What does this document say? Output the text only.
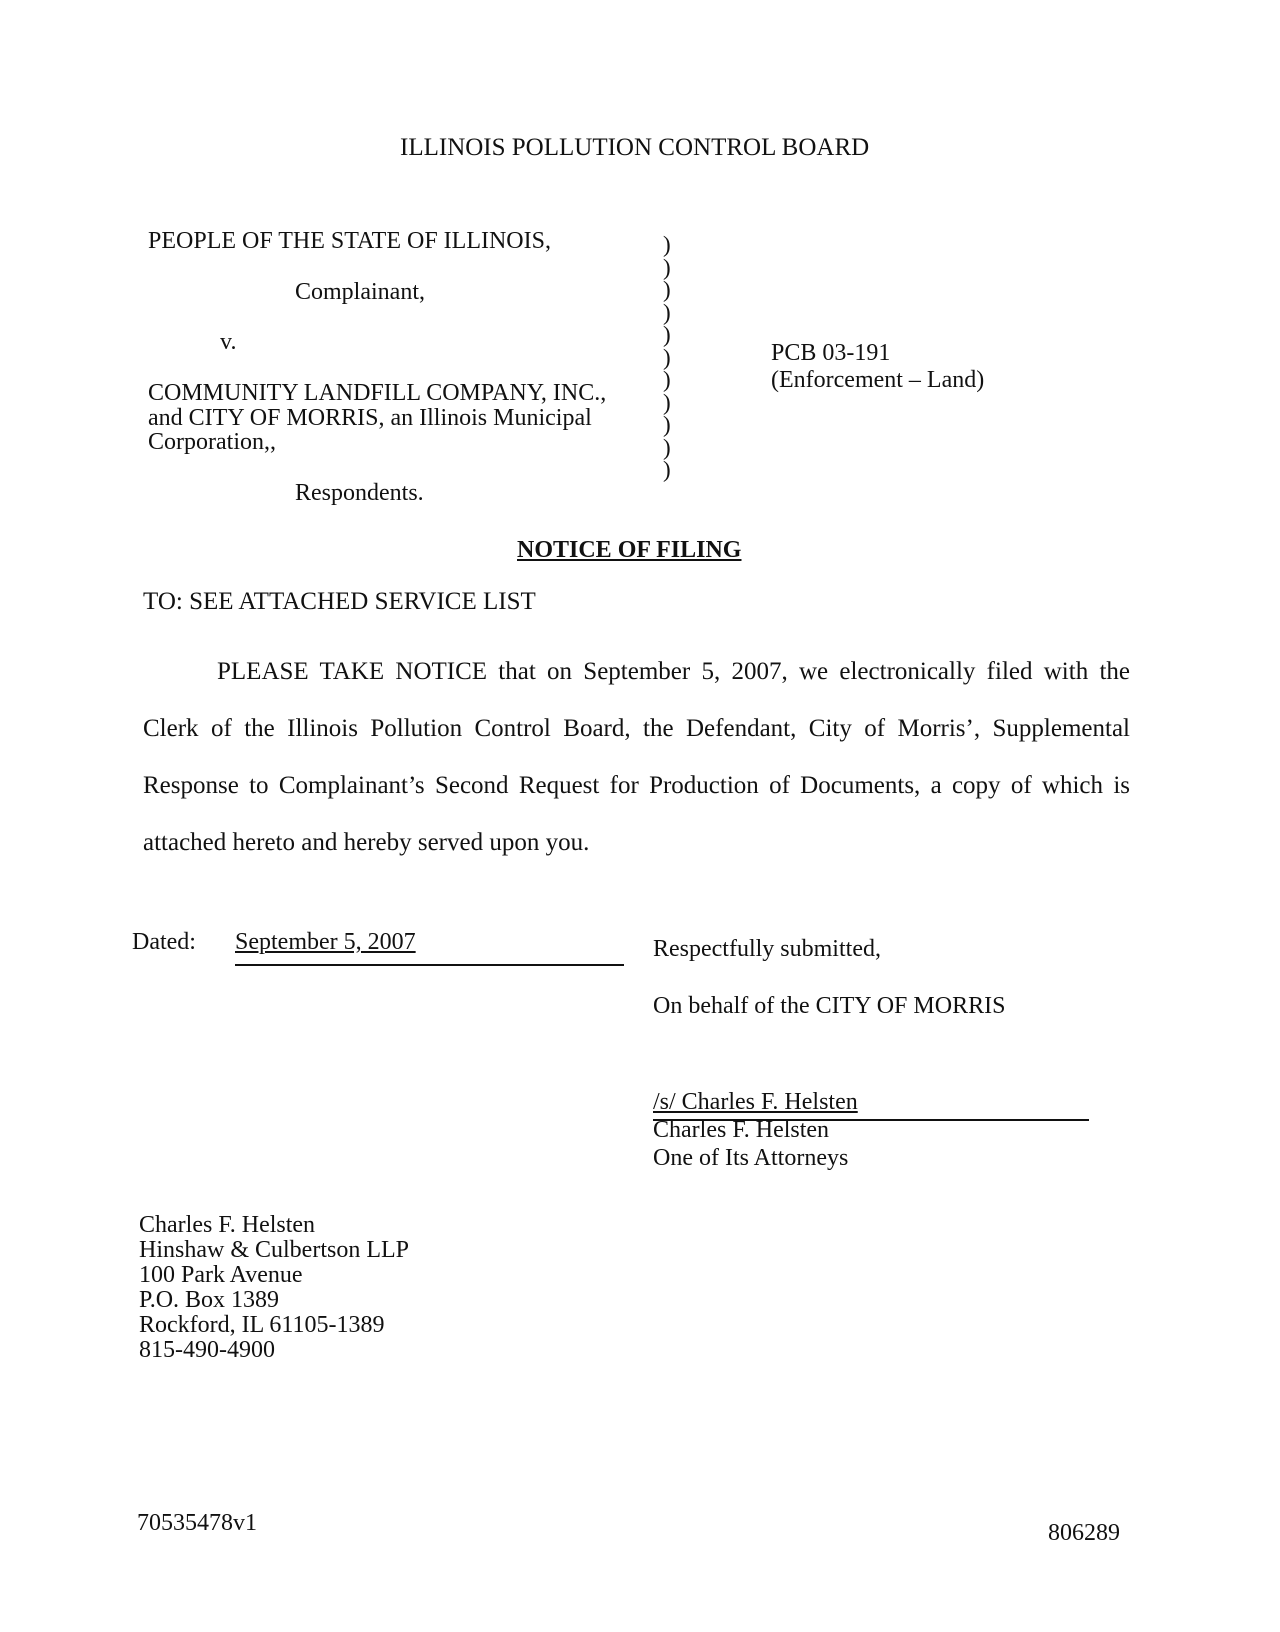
ILLINOIS POLLUTION CONTROL BOARD
PEOPLE OF THE STATE OF ILLINOIS,
Complainant,
v.
COMMUNITY LANDFILL COMPANY, INC.,
and CITY OF MORRIS, an Illinois Municipal
Corporation,,
Respondents.
)
)
)
)
)
)
)
)
)
)
)
PCB 03-191
(Enforcement – Land)
NOTICE OF FILING
TO: SEE ATTACHED SERVICE LIST

PLEASE TAKE NOTICE that on September 5, 2007, we electronically filed with the Clerk of the Illinois Pollution Control Board, the Defendant, City of Morris’, Supplemental Response to Complainant’s Second Request for Production of Documents, a copy of which is attached hereto and hereby served upon you.

Dated: September 5, 2007	Respectfully submitted,
On behalf of the CITY OF MORRIS
/s/ Charles F. Helsten
Charles F. Helsten
One of Its Attorneys
Charles F. Helsten
Hinshaw & Culbertson LLP
100 Park Avenue
P.O. Box 1389
Rockford, IL 61105-1389
815-490-4900
70535478v1	806289
